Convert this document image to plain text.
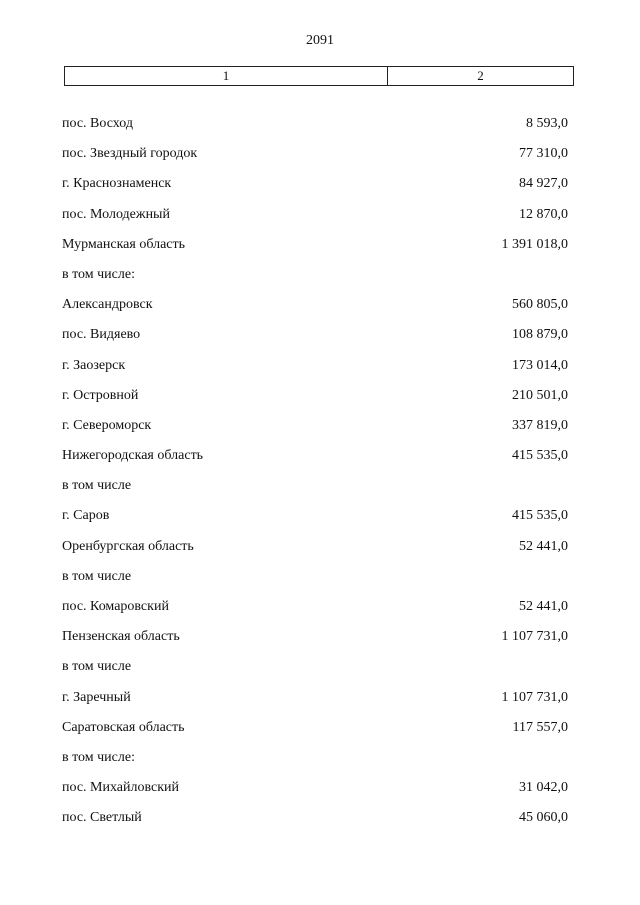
2091
1	2
пос. Восход	8 593,0
пос. Звездный городок	77 310,0
г. Краснознаменск	84 927,0
пос. Молодежный	12 870,0
Мурманская область	1 391 018,0
в том числе:
Александровск	560 805,0
пос. Видяево	108 879,0
г. Заозерск	173 014,0
г. Островной	210 501,0
г. Североморск	337 819,0
Нижегородская область	415 535,0
в том числе
г. Саров	415 535,0
Оренбургская область	52 441,0
в том числе
пос. Комаровский	52 441,0
Пензенская область	1 107 731,0
в том числе
г. Заречный	1 107 731,0
Саратовская область	117 557,0
в том числе:
пос. Михайловский	31 042,0
пос. Светлый	45 060,0
